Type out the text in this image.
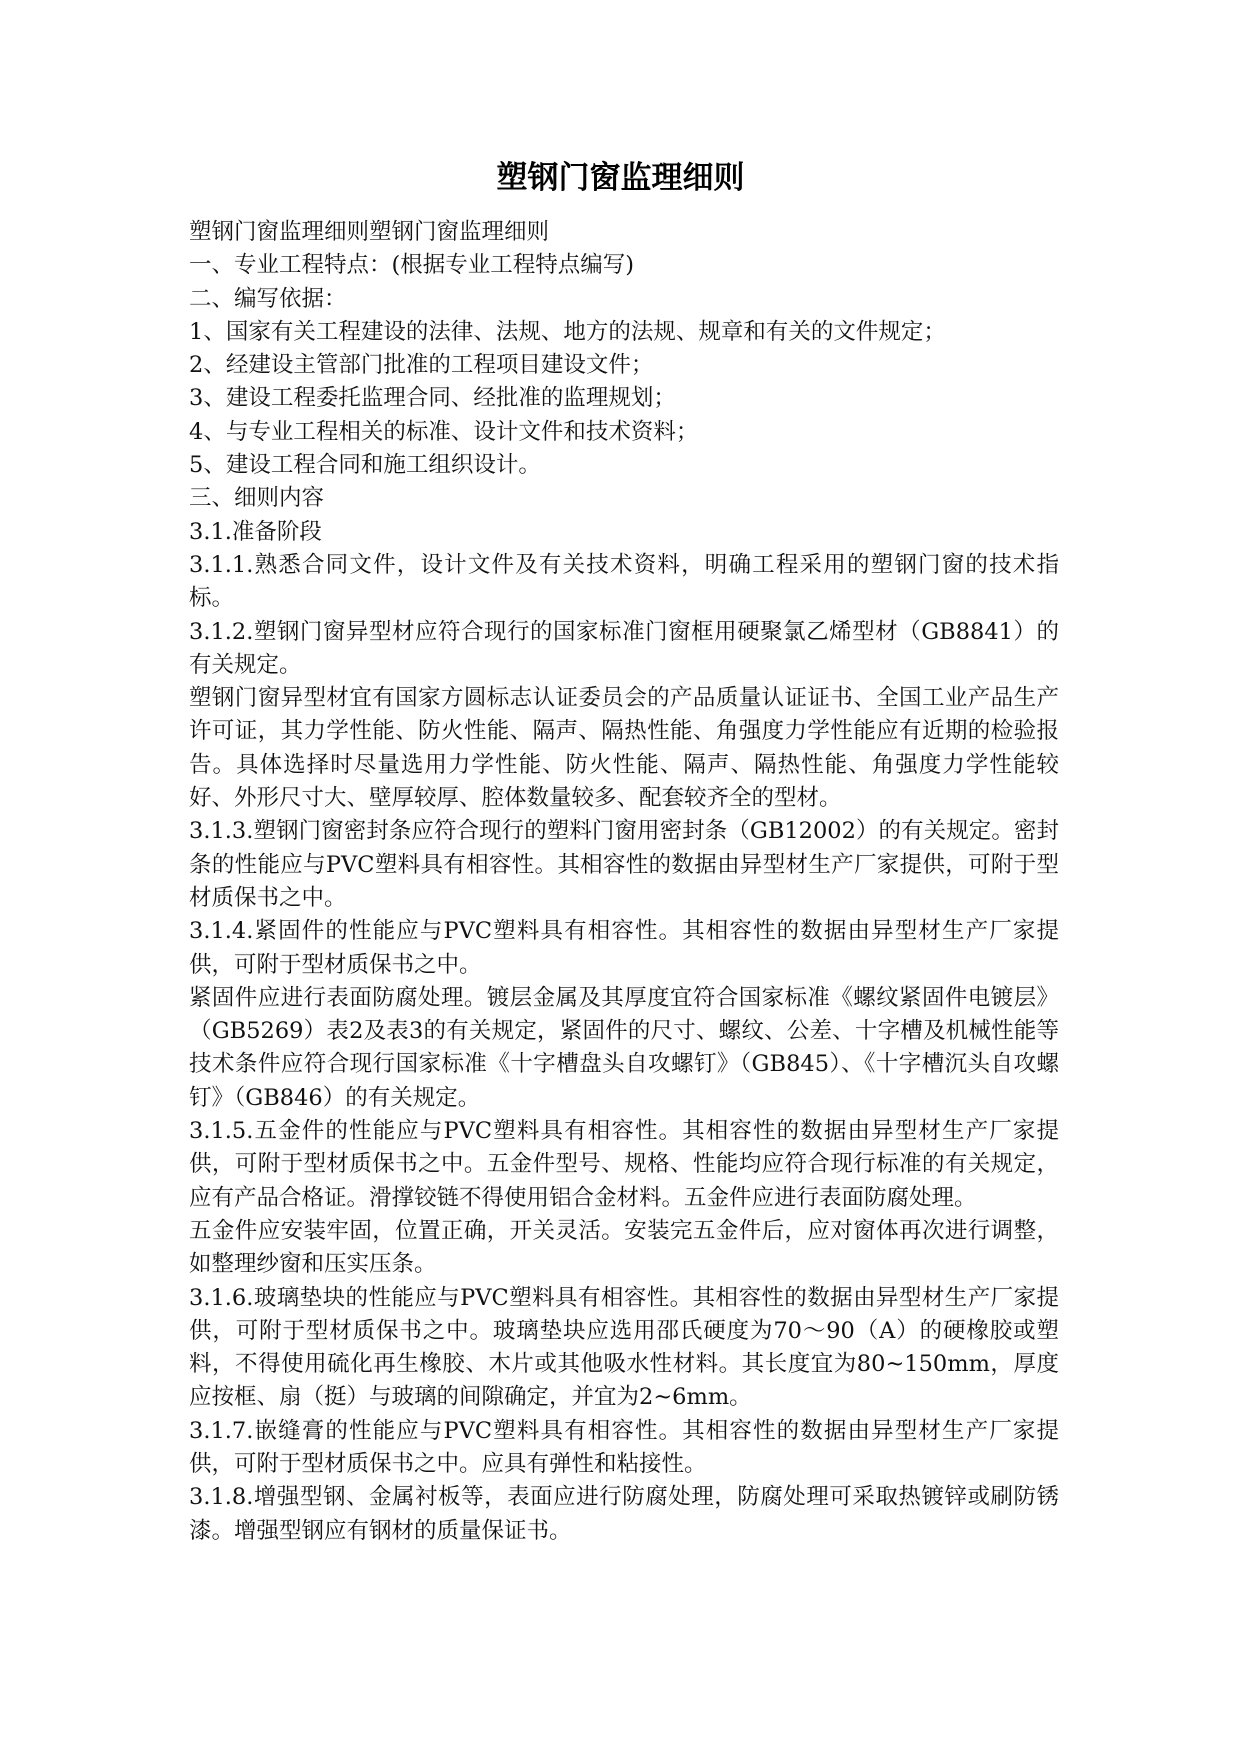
塑钢门窗监理细则

塑钢门窗监理细则塑钢门窗监理细则

一、专业工程特点：(根据专业工程特点编写)

二、编写依据：

1、国家有关工程建设的法律、法规、地方的法规、规章和有关的文件规定；

2、经建设主管部门批准的工程项目建设文件；

3、建设工程委托监理合同、经批准的监理规划；

4、与专业工程相关的标准、设计文件和技术资料；

5、建设工程合同和施工组织设计。

三、细则内容

3.1.准备阶段

3.1.1.熟悉合同文件，设计文件及有关技术资料，明确工程采用的塑钢门窗的技术指标。

3.1.2.塑钢门窗异型材应符合现行的国家标准门窗框用硬聚氯乙烯型材（GB8841）的有关规定。

塑钢门窗异型材宜有国家方圆标志认证委员会的产品质量认证证书、全国工业产品生产许可证，其力学性能、防火性能、隔声、隔热性能、角强度力学性能应有近期的检验报告。具体选择时尽量选用力学性能、防火性能、隔声、隔热性能、角强度力学性能较好、外形尺寸大、壁厚较厚、腔体数量较多、配套较齐全的型材。

3.1.3.塑钢门窗密封条应符合现行的塑料门窗用密封条（GB12002）的有关规定。密封条的性能应与PVC塑料具有相容性。其相容性的数据由异型材生产厂家提供，可附于型材质保书之中。

3.1.4.紧固件的性能应与PVC塑料具有相容性。其相容性的数据由异型材生产厂家提供，可附于型材质保书之中。

紧固件应进行表面防腐处理。镀层金属及其厚度宜符合国家标准《螺纹紧固件电镀层》（GB5269）表2及表3的有关规定，紧固件的尺寸、螺纹、公差、十字槽及机械性能等技术条件应符合现行国家标准《十字槽盘头自攻螺钉》（GB845）、《十字槽沉头自攻螺钉》（GB846）的有关规定。

3.1.5.五金件的性能应与PVC塑料具有相容性。其相容性的数据由异型材生产厂家提供，可附于型材质保书之中。五金件型号、规格、性能均应符合现行标准的有关规定，应有产品合格证。滑撑铰链不得使用铝合金材料。五金件应进行表面防腐处理。

五金件应安装牢固，位置正确，开关灵活。安装完五金件后，应对窗体再次进行调整，如整理纱窗和压实压条。

3.1.6.玻璃垫块的性能应与PVC塑料具有相容性。其相容性的数据由异型材生产厂家提供，可附于型材质保书之中。玻璃垫块应选用邵氏硬度为70～90（A）的硬橡胶或塑料，不得使用硫化再生橡胶、木片或其他吸水性材料。其长度宜为80~150mm，厚度应按框、扇（挺）与玻璃的间隙确定，并宜为2~6mm。

3.1.7.嵌缝膏的性能应与PVC塑料具有相容性。其相容性的数据由异型材生产厂家提供，可附于型材质保书之中。应具有弹性和粘接性。

3.1.8.增强型钢、金属衬板等，表面应进行防腐处理，防腐处理可采取热镀锌或刷防锈漆。增强型钢应有钢材的质量保证书。
